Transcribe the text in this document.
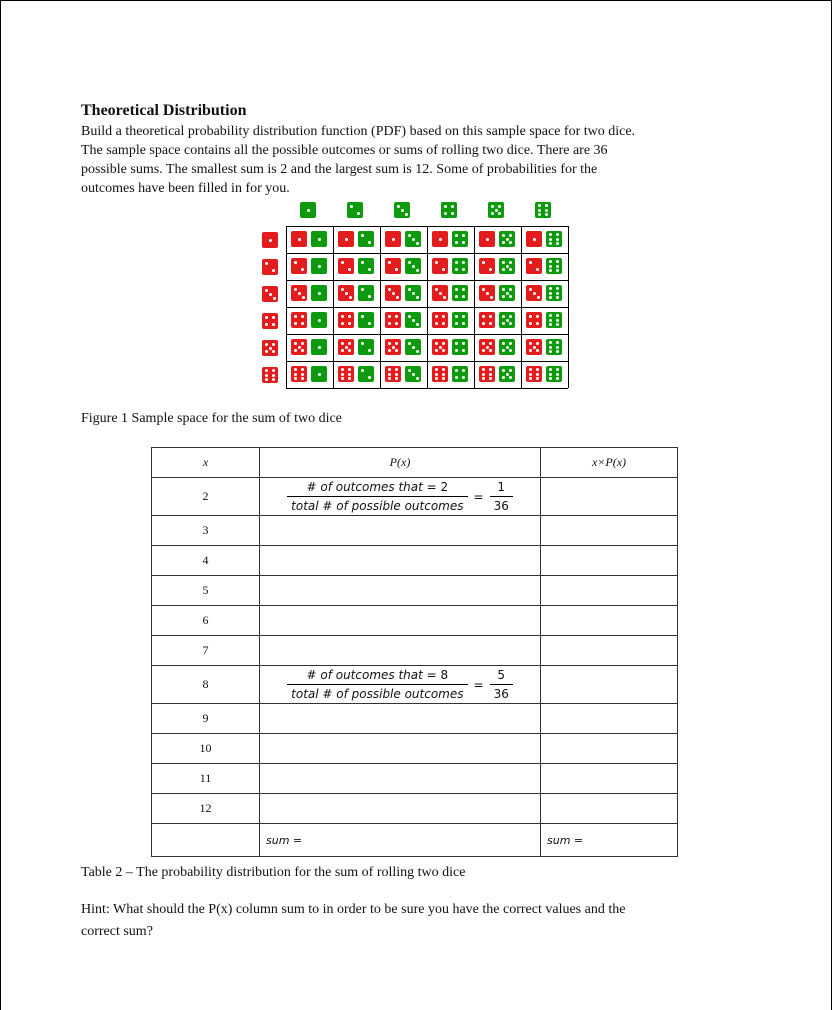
Theoretical Distribution
Build a theoretical probability distribution function (PDF) based on this sample space for two dice.
The sample space contains all the possible outcomes or sums of rolling two dice. There are 36
possible sums. The smallest sum is 2 and the largest sum is 12. Some of probabilities for the
outcomes have been filled in for you.
Figure 1 Sample space for the sum of two dice
x	P(x)	x×P(x)
2	$\frac{\text{\# of outcomes that = 2}}{\text{total \# of possible outcomes}} = \frac{1}{36}$

3		
4		
5		
6		
7		
8	$\frac{\text{\# of outcomes that = 8}}{\text{total \# of possible outcomes}} = \frac{5}{36}$

9		
10		
11		
12		
	sum =	sum =
Table 2 – The probability distribution for the sum of rolling two dice
Hint: What should the P(x) column sum to in order to be sure you have the correct values and the
correct sum?
